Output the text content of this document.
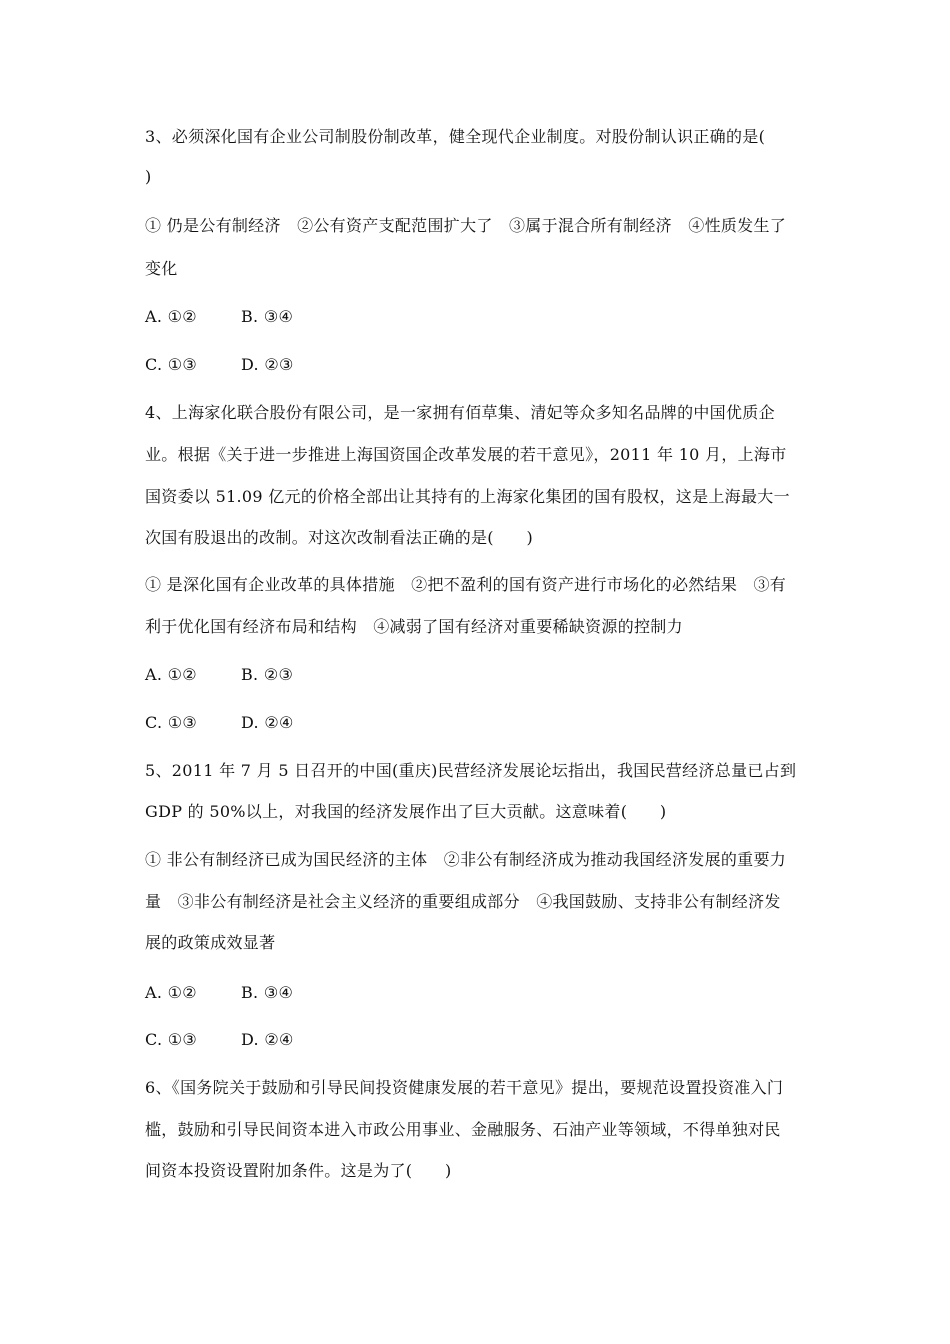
3、必须深化国有企业公司制股份制改革，健全现代企业制度。对股份制认识正确的是(
)
① 仍是公有制经济　②公有资产支配范围扩大了　③属于混合所有制经济　④性质发生了
变化
A. ①②	B. ③④
C. ①③	D. ②③
4、上海家化联合股份有限公司，是一家拥有佰草集、清妃等众多知名品牌的中国优质企
业。根据《关于进一步推进上海国资国企改革发展的若干意见》，2011 年 10 月，上海市
国资委以 51.09 亿元的价格全部出让其持有的上海家化集团的国有股权，这是上海最大一
次国有股退出的改制。对这次改制看法正确的是(　　)
① 是深化国有企业改革的具体措施　②把不盈利的国有资产进行市场化的必然结果　③有
利于优化国有经济布局和结构　④减弱了国有经济对重要稀缺资源的控制力
A. ①②	B. ②③
C. ①③	D. ②④
5、2011 年 7 月 5 日召开的中国(重庆)民营经济发展论坛指出，我国民营经济总量已占到
GDP 的 50%以上，对我国的经济发展作出了巨大贡献。这意味着(　　)
① 非公有制经济已成为国民经济的主体　②非公有制经济成为推动我国经济发展的重要力
量　③非公有制经济是社会主义经济的重要组成部分　④我国鼓励、支持非公有制经济发
展的政策成效显著
A. ①②	B. ③④
C. ①③	D. ②④
6、《国务院关于鼓励和引导民间投资健康发展的若干意见》提出，要规范设置投资准入门
槛，鼓励和引导民间资本进入市政公用事业、金融服务、石油产业等领域，不得单独对民
间资本投资设置附加条件。这是为了(　　)
